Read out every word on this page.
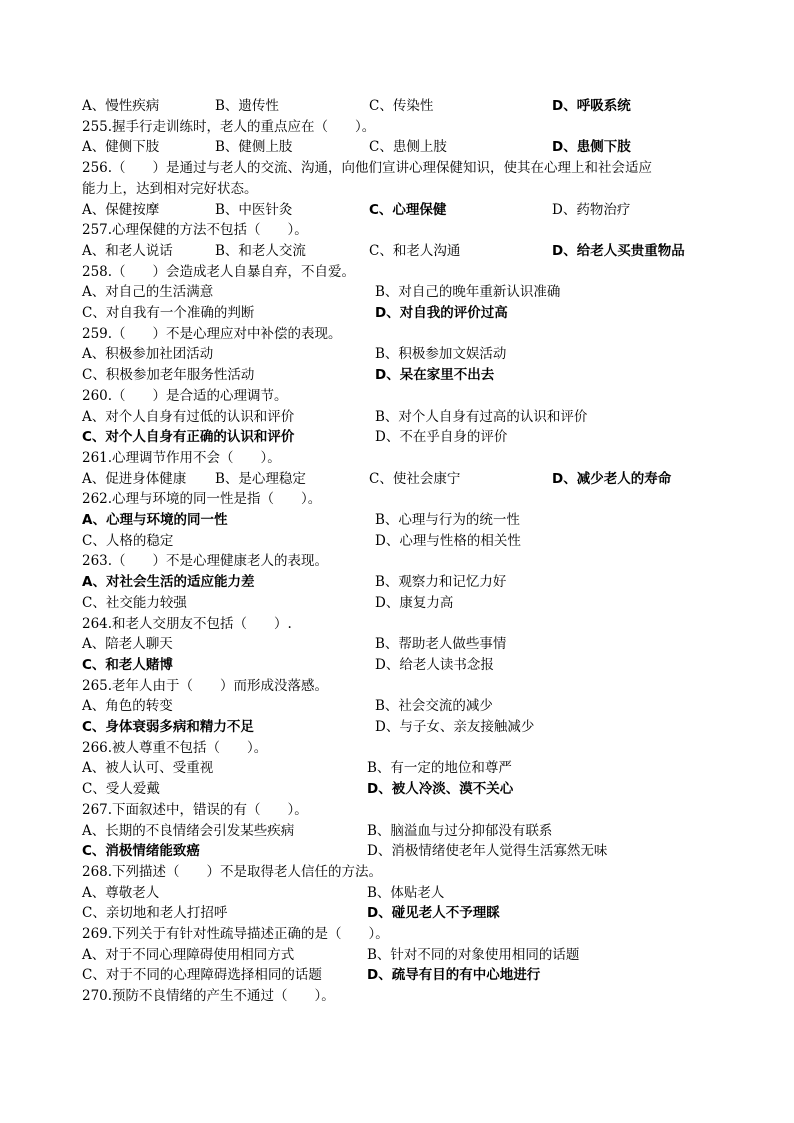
A、慢性疾病	B、遗传性	C、传染性	D、呼吸系统
255.握手行走训练时，老人的重点应在（　　）。
A、健侧下肢	B、健侧上肢	C、患侧上肢	D、患侧下肢
256.（　　）是通过与老人的交流、沟通，向他们宣讲心理保健知识，使其在心理上和社会适应
能力上，达到相对完好状态。
A、保健按摩	B、中医针灸	C、心理保健	D、药物治疗
257.心理保健的方法不包括（　　）。
A、和老人说话	B、和老人交流	C、和老人沟通	D、给老人买贵重物品
258.（　　）会造成老人自暴自弃，不自爱。
A、对自己的生活满意	B、对自己的晚年重新认识准确
C、对自我有一个准确的判断	D、对自我的评价过高
259.（　　）不是心理应对中补偿的表现。
A、积极参加社团活动	B、积极参加文娱活动
C、积极参加老年服务性活动	D、呆在家里不出去
260.（　　）是合适的心理调节。
A、对个人自身有过低的认识和评价	B、对个人自身有过高的认识和评价
C、对个人自身有正确的认识和评价	D、不在乎自身的评价
261.心理调节作用不会（　　）。
A、促进身体健康 B、是心理稳定	C、使社会康宁	D、减少老人的寿命
262.心理与环境的同一性是指（　　）。
A、心理与环境的同一性	B、心理与行为的统一性
C、人格的稳定	D、心理与性格的相关性
263.（　　）不是心理健康老人的表现。
A、对社会生活的适应能力差	B、观察力和记忆力好
C、社交能力较强	D、康复力高
264.和老人交朋友不包括（　　）.
A、陪老人聊天	B、帮助老人做些事情
C、和老人赌博	D、给老人读书念报
265.老年人由于（　　）而形成没落感。
A、角色的转变	B、社会交流的减少
C、身体衰弱多病和精力不足	D、与子女、亲友接触减少
266.被人尊重不包括（　　）。
A、被人认可、受重视	B、有一定的地位和尊严
C、受人爱戴	D、被人冷淡、漠不关心
267.下面叙述中，错误的有（　　）。
A、长期的不良情绪会引发某些疾病	B、脑溢血与过分抑郁没有联系
C、消极情绪能致癌	D、消极情绪使老年人觉得生活寡然无味
268.下列描述（　　）不是取得老人信任的方法。
A、尊敬老人	B、体贴老人
C、亲切地和老人打招呼	D、碰见老人不予理睬
269.下列关于有针对性疏导描述正确的是（　　）。
A、对于不同心理障碍使用相同方式	B、针对不同的对象使用相同的话题
C、对于不同的心理障碍选择相同的话题	D、疏导有目的有中心地进行
270.预防不良情绪的产生不通过（　　）。
